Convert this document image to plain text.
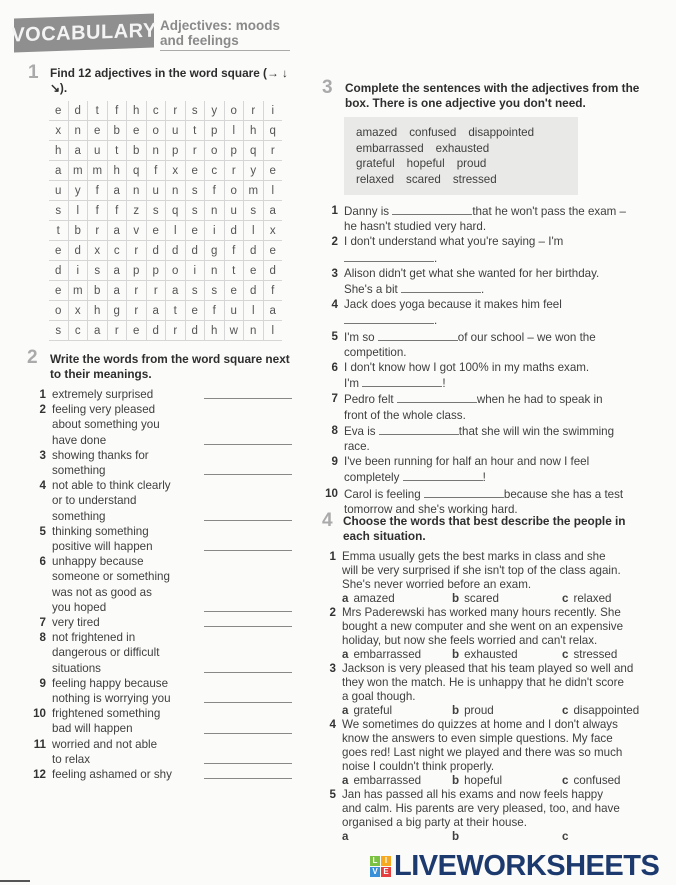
VOCABULARY Adjectives: moods and feelings
1 Find 12 adjectives in the word square (→ ↓ ↘).
e	d	t	f	h	c	r	s	y	o	r	i
x	n	e	b	e	o	u	t	p	l	h	q
h	a	u	t	b	n	p	r	o	p	q	r
a	m	m	h	q	f	x	e	c	r	y	e
u	y	f	a	n	u	n	s	f	o	m	l
s	l	f	f	z	s	q	s	n	u	s	a
t	b	r	a	v	e	l	e	i	d	l	x
e	d	x	c	r	d	d	d	g	f	d	e
d	i	s	a	p	p	o	i	n	t	e	d
e	m	b	a	r	r	a	s	s	e	d	f
o	x	h	g	r	a	t	e	f	u	l	a
s	c	a	r	e	d	r	d	h	w	n	l
2 Write the words from the word square next to their meanings.
1 extremely surprised
2 feeling very pleased
about something you
have done
3 showing thanks for
something
4 not able to think clearly
or to understand
something
5 thinking something
positive will happen
6 unhappy because
someone or something
was not as good as
you hoped
7 very tired
8 not frightened in
dangerous or difficult
situations
9 feeling happy because
nothing is worrying you
10 frightened something
bad will happen
11 worried and not able
to relax
12 feeling ashamed or shy
3 Complete the sentences with the adjectives from the box. There is one adjective you don't need.
amazed confused disappointed
embarrassed exhausted
grateful hopeful proud
relaxed scared stressed
1 Danny is	that he won't pass the exam –
he hasn't studied very hard.
2 I don't understand what you're saying – I'm
.
3 Alison didn't get what she wanted for her birthday.
She's a bit	.
4 Jack does yoga because it makes him feel
.
5 I'm so	of our school – we won the
competition.
6 I don't know how I got 100% in my maths exam.
I'm	!
7 Pedro felt	when he had to speak in
front of the whole class.
8 Eva is	that she will win the swimming
race.
9 I've been running for half an hour and now I feel
completely	!
10 Carol is feeling	because she has a test
tomorrow and she's working hard.
4 Choose the words that best describe the people in each situation.
1 Emma usually gets the best marks in class and she
will be very surprised if she isn't top of the class again.
She's never worried before an exam.
a amazed	b scared	c relaxed
2 Mrs Paderewski has worked many hours recently. She
bought a new computer and she went on an expensive
holiday, but now she feels worried and can't relax.
a embarrassed	b exhausted	c stressed
3 Jackson is very pleased that his team played so well and
they won the match. He is unhappy that he didn't score
a goal though.
a grateful	b proud	c disappointed
4 We sometimes do quizzes at home and I don't always
know the answers to even simple questions. My face
goes red! Last night we played and there was so much
noise I couldn't think properly.
a embarrassed	b hopeful	c confused
5 Jan has passed all his exams and now feels happy
and calm. His parents are very pleased, too, and have
organised a big party at their house.
a	b	c
L I
V E LIVEWORKSHEETS
